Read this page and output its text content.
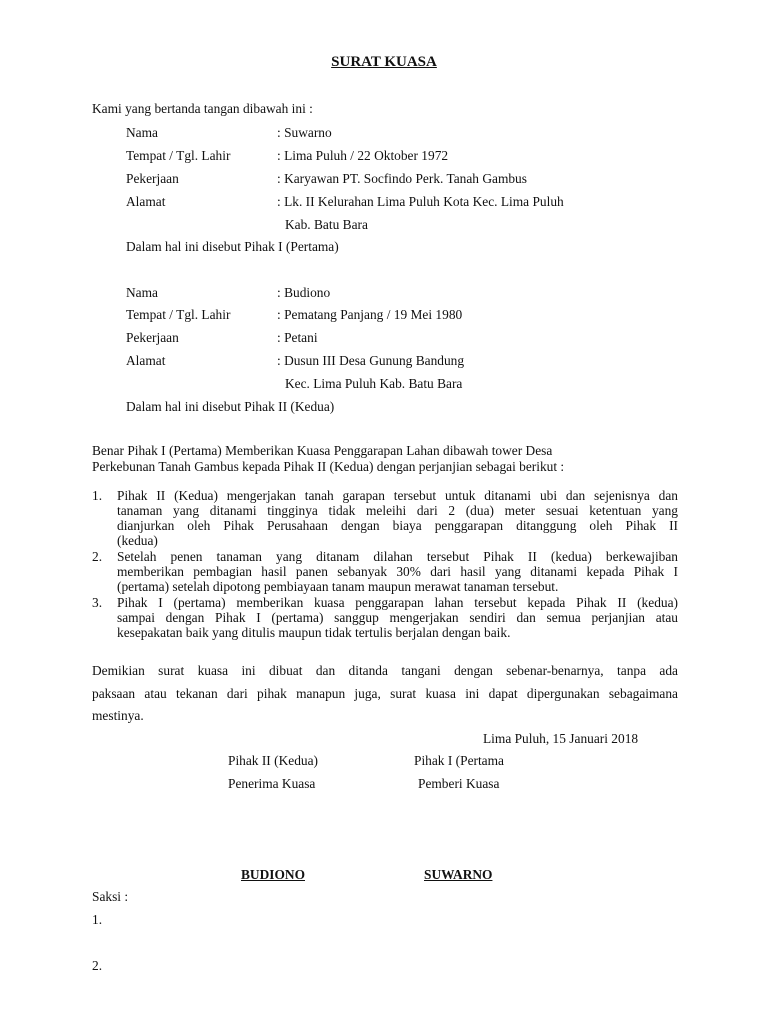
SURAT KUASA
Kami yang bertanda tangan dibawah ini :
Nama	: Suwarno
Tempat / Tgl. Lahir	: Lima Puluh / 22 Oktober 1972
Pekerjaan	: Karyawan PT. Socfindo Perk. Tanah Gambus
Alamat	: Lk. II Kelurahan Lima Puluh Kota Kec. Lima Puluh
Kab. Batu Bara
Dalam hal ini disebut Pihak I (Pertama)
Nama	: Budiono
Tempat / Tgl. Lahir	: Pematang Panjang / 19 Mei 1980
Pekerjaan	: Petani
Alamat	: Dusun III Desa Gunung Bandung
Kec. Lima Puluh Kab. Batu Bara
Dalam hal ini disebut Pihak II (Kedua)
Benar Pihak I (Pertama) Memberikan Kuasa Penggarapan Lahan dibawah tower Desa
Perkebunan Tanah Gambus kepada Pihak II (Kedua) dengan perjanjian sebagai berikut :
1. Pihak II (Kedua) mengerjakan tanah garapan tersebut untuk ditanami ubi dan sejenisnya dan
tanaman yang ditanami tingginya tidak meleihi dari 2 (dua) meter sesuai ketentuan yang
dianjurkan oleh Pihak Perusahaan dengan biaya penggarapan ditanggung oleh Pihak II
(kedua)
2. Setelah penen tanaman yang ditanam dilahan tersebut Pihak II (kedua) berkewajiban
memberikan pembagian hasil panen sebanyak 30% dari hasil yang ditanami kepada Pihak I
(pertama) setelah dipotong pembiayaan tanam maupun merawat tanaman tersebut.
3. Pihak I (pertama) memberikan kuasa penggarapan lahan tersebut kepada Pihak II (kedua)
sampai dengan Pihak I (pertama) sanggup mengerjakan sendiri dan semua perjanjian atau
kesepakatan baik yang ditulis maupun tidak tertulis berjalan dengan baik.
Demikian surat kuasa ini dibuat dan ditanda tangani dengan sebenar-benarnya, tanpa ada
paksaan atau tekanan dari pihak manapun juga, surat kuasa ini dapat dipergunakan sebagaimana
mestinya.
Lima Puluh, 15 Januari 2018
Pihak II (Kedua)	Pihak I (Pertama
Penerima Kuasa	Pemberi Kuasa
BUDIONO	SUWARNO
Saksi :
1.
2.
